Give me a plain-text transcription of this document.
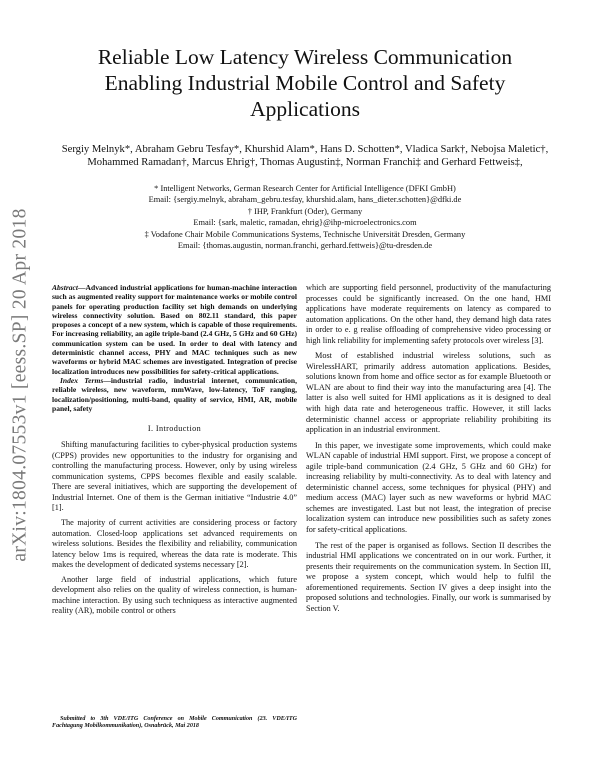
arXiv:1804.07553v1 [eess.SP] 20 Apr 2018
Reliable Low Latency Wireless Communication Enabling Industrial Mobile Control and Safety Applications
Sergiy Melnyk*, Abraham Gebru Tesfay*, Khurshid Alam*, Hans D. Schotten*, Vladica Sark†, Nebojsa Maletic†, Mohammed Ramadan†, Marcus Ehrig†, Thomas Augustin‡, Norman Franchi‡ and Gerhard Fettweis‡,

* Intelligent Networks, German Research Center for Artificial Intelligence (DFKI GmbH)

Email: {sergiy.melnyk, abraham_gebru.tesfay, khurshid.alam, hans_dieter.schotten}@dfki.de

† IHP, Frankfurt (Oder), Germany

Email: {sark, maletic, ramadan, ehrig}@ihp-microelectronics.com

‡ Vodafone Chair Mobile Communications Systems, Technische Universität Dresden, Germany

Email: {thomas.augustin, norman.franchi, gerhard.fettweis}@tu-dresden.de

Abstract—Advanced industrial applications for human-machine interaction such as augmented reality support for maintenance works or mobile control panels for operating production facility set high demands on underlying wireless connectivity solution. Based on 802.11 standard, this paper proposes a concept of a new system, which is capable of those requirements. For increasing reliability, an agile triple-band (2.4 GHz, 5 GHz and 60 GHz) communication system can be used. In order to deal with latency and deterministic channel access, PHY and MAC techniques such as new waveforms or hybrid MAC schemes are investigated. Integration of precise localization introduces new possibilities for safety-critical applications.

Index Terms—industrial radio, industrial internet, communication, reliable wireless, new waveform, mmWave, low-latency, ToF ranging, localization/positioning, multi-band, quality of service, HMI, AR, mobile panel, safety

I. Introduction

Shifting manufacturing facilities to cyber-physical production systems (CPPS) provides new opportunities to the industry for organising and controlling the manufacturing process. However, only by using wireless communication systems, CPPS becomes flexible and easily scalable. There are several initiatives, which are supporting the developement of Industrial Internet. One of them is the German initiative “Industrie 4.0” [1].

The majority of current activities are considering process or factory automation. Closed-loop applications set advanced requirements on wireless solutions. Besides the flexibility and reliability, communication latency below 1ms is required, whereas the data rate is moderate. This makes the development of dedicated systems necessary [2].

Another large field of industrial applications, which future development also relies on the quality of wireless connection, is human-machine interaction. By using such techniquess as interactive augmented reality (AR), mobile control or others

which are supporting field personnel, productivity of the manufacturing processes could be significantly increased. On the one hand, HMI applications have moderate requirements on latency as compared to automation applications. On the other hand, they demand high data rates in order to e. g realise offloading of comprehensive video processing or high link reliability for implementing safety protocols over wireless [3].

Most of established industrial wireless solutions, such as WirelessHART, primarily address automation applications. Besides, solutions known from home and office sector as for example Bluetooth or WLAN are about to find their way into the manufacturing area [4]. The latter is also well suited for HMI applications as it is designed to deal with high data rate and heterogeneous traffic. However, it still lacks deterministic channel access or appropriate reliability prohibiting its application in an industrial environment.

In this paper, we investigate some improvements, which could make WLAN capable of industrial HMI support. First, we propose a concept of agile triple-band communication (2.4 GHz, 5 GHz and 60 GHz) for increasing reliability by multi-connectivity. As to deal with latency and deterministic channel access, some techniques for physical (PHY) and medium access (MAC) layer such as new waveforms or hybrid MAC schemes are investigated. Last but not least, the integration of precise localization system can introduce new possibilities such as safety zones for safety-critical applications.

The rest of the paper is organised as follows. Section II describes the industrial HMI applications we concentrated on in our work. Further, it presents their requirements on the communication system. In Section III, we propose a system concept, which would help to fulfil the aforementioned requirements. Section IV gives a deep insight into the proposed solutions and technologies. Finally, our work is summarised by Section V.

Submitted to 3th VDE/ITG Conference on Mobile Communication (23. VDE/ITG Fachtagung Mobilkommunikation), Osnabrück, Mai 2018
